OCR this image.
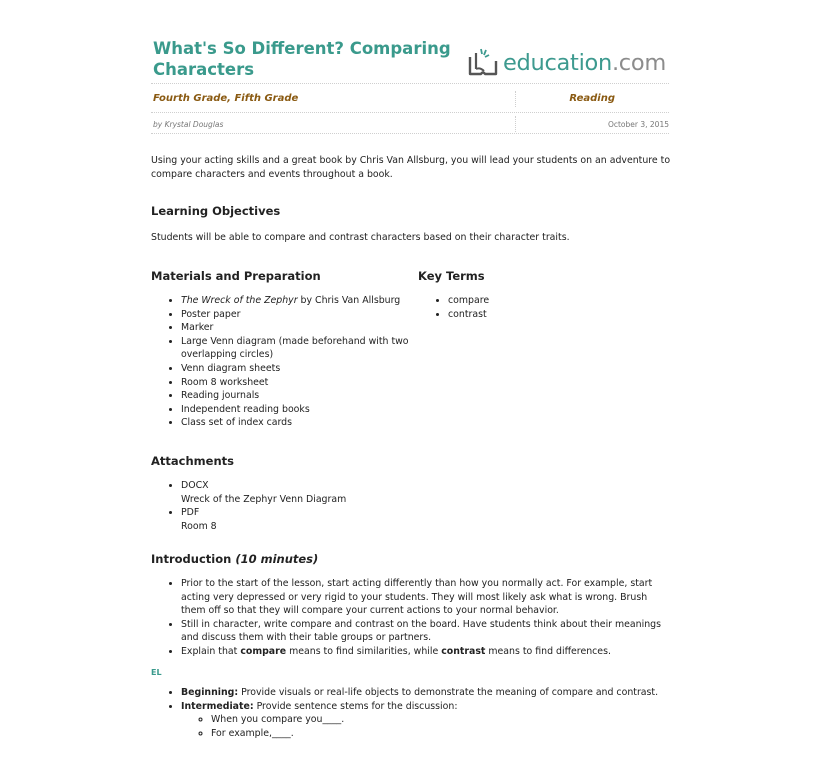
What's So Different? Comparing Characters	education.com
Fourth Grade, Fifth Grade	Reading
by Krystal Douglas	October 3, 2015
Using your acting skills and a great book by Chris Van Allsburg, you will lead your students on an adventure to compare characters and events throughout a book.
Learning Objectives
Students will be able to compare and contrast characters based on their character traits.
Materials and Preparation
• The Wreck of the Zephyr by Chris Van Allsburg
• Poster paper
• Marker
• Large Venn diagram (made beforehand with two overlapping circles)
• Venn diagram sheets
• Room 8 worksheet
• Reading journals
• Independent reading books
• Class set of index cards
Key Terms
• compare
• contrast
Attachments
• DOCX
Wreck of the Zephyr Venn Diagram
• PDF
Room 8
Introduction (10 minutes)
• Prior to the start of the lesson, start acting differently than how you normally act. For example, start acting very depressed or very rigid to your students. They will most likely ask what is wrong. Brush them off so that they will compare your current actions to your normal behavior.
• Still in character, write compare and contrast on the board. Have students think about their meanings and discuss them with their table groups or partners.
• Explain that compare means to find similarities, while contrast means to find differences.
EL
• Beginning: Provide visuals or real-life objects to demonstrate the meaning of compare and contrast.
• Intermediate: Provide sentence stems for the discussion:
◦ When you compare you____.
◦ For example,____.
